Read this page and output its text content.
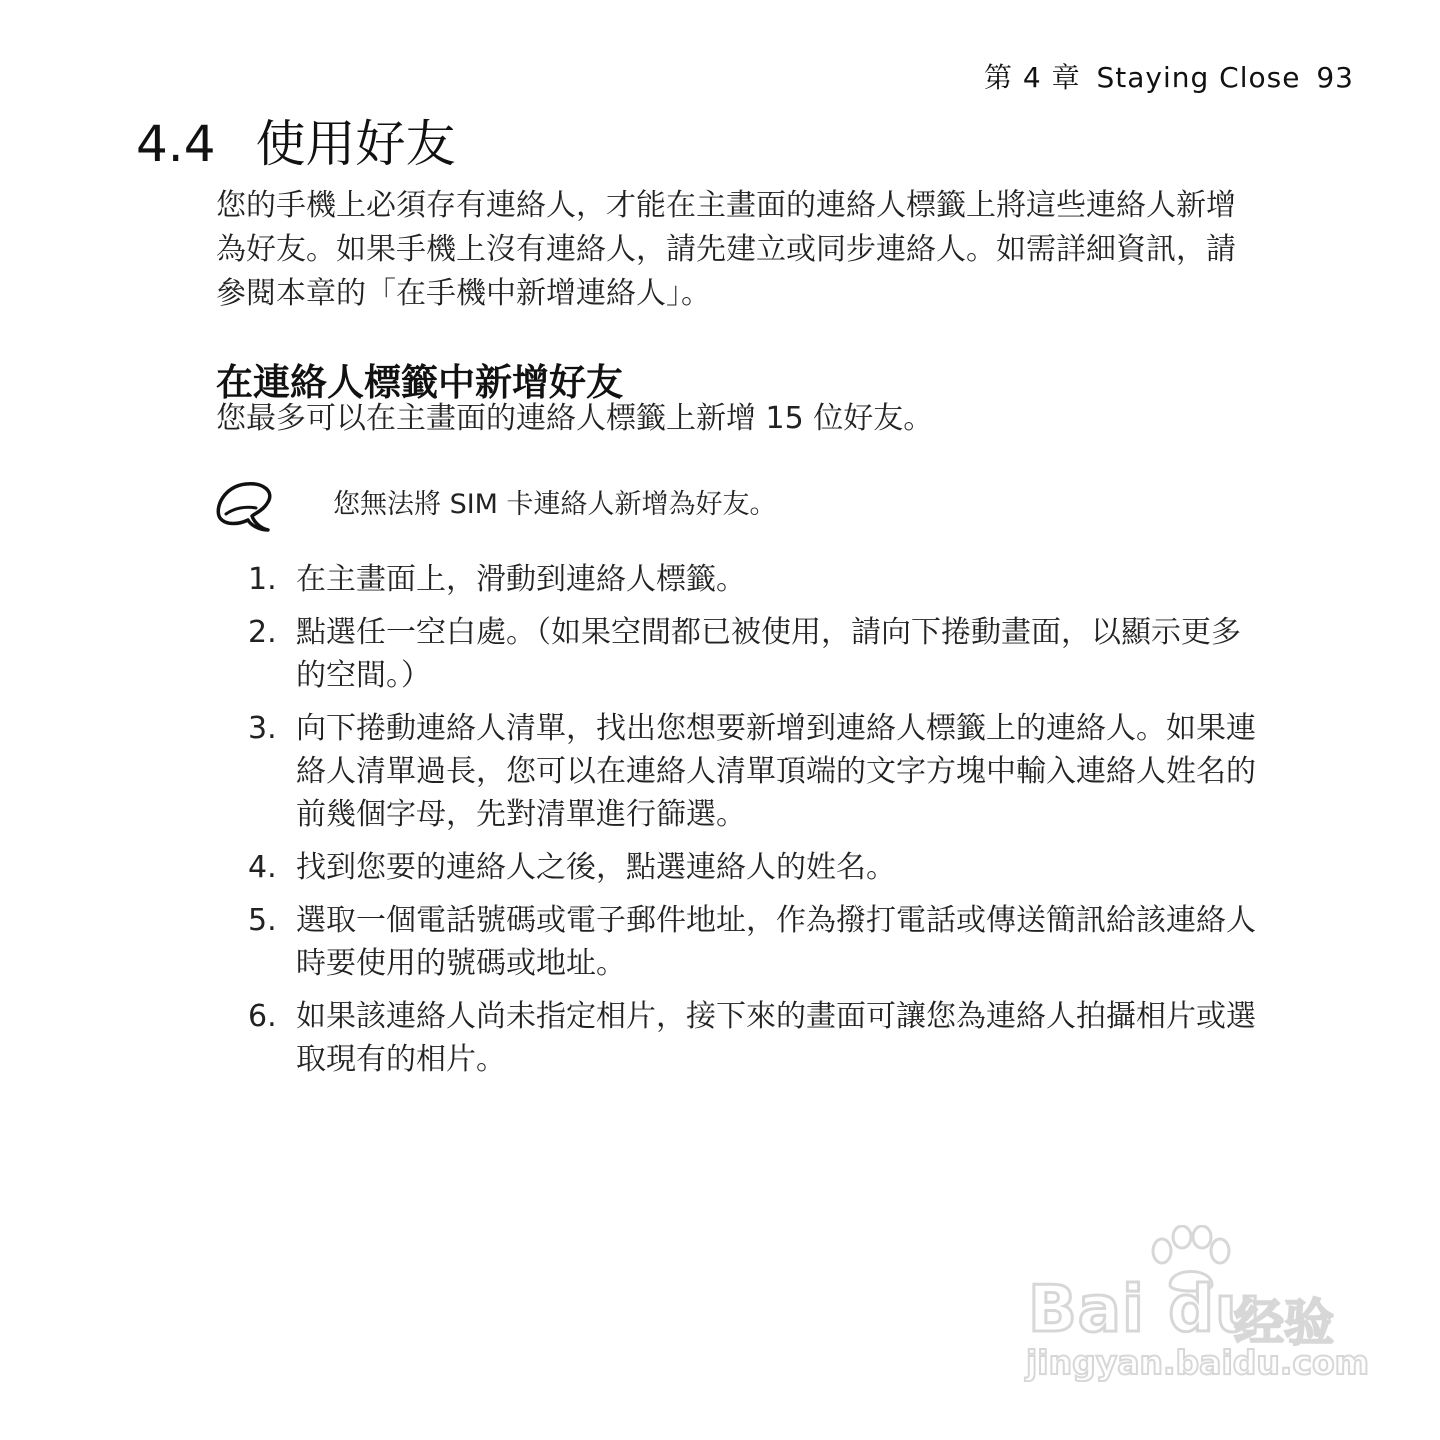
第 4 章 Staying Close 93
4.4 使用好友

您的手機上必須存有連絡人，才能在主畫面的連絡人標籤上將這些連絡人新增
為好友。如果手機上沒有連絡人，請先建立或同步連絡人。如需詳細資訊，請
參閱本章的「在手機中新增連絡人」。

在連絡人標籤中新增好友

您最多可以在主畫面的連絡人標籤上新增 15 位好友。

您無法將 SIM 卡連絡人新增為好友。

1. 在主畫面上，滑動到連絡人標籤。
2. 點選任一空白處。（如果空間都已被使用，請向下捲動畫面，以顯示更多
的空間。）
3. 向下捲動連絡人清單，找出您想要新增到連絡人標籤上的連絡人。如果連
絡人清單過長，您可以在連絡人清單頂端的文字方塊中輸入連絡人姓名的
前幾個字母，先對清單進行篩選。
4. 找到您要的連絡人之後，點選連絡人的姓名。
5. 選取一個電話號碼或電子郵件地址，作為撥打電話或傳送簡訊給該連絡人
時要使用的號碼或地址。
6. 如果該連絡人尚未指定相片，接下來的畫面可讓您為連絡人拍攝相片或選
取現有的相片。
Bai du
经验
jingyan.baidu.com
